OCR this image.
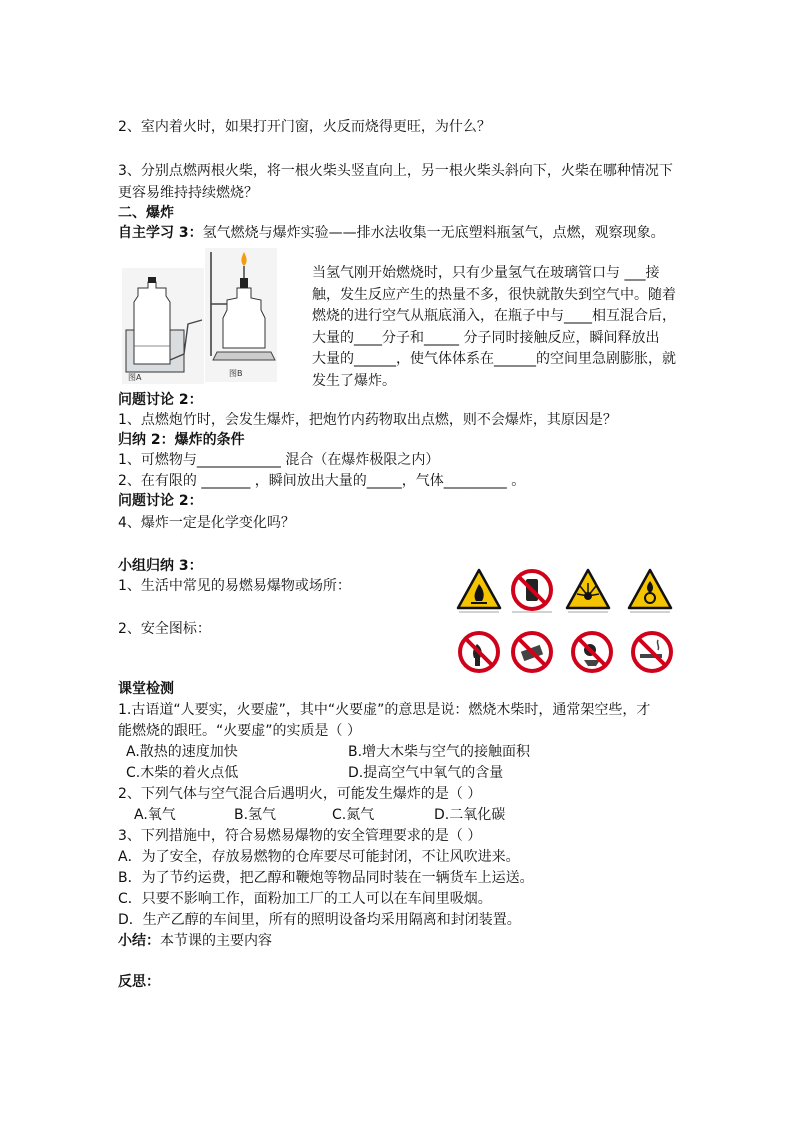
2、室内着火时，如果打开门窗，火反而烧得更旺，为什么？
3、分别点燃两根火柴，将一根火柴头竖直向上，另一根火柴头斜向下，火柴在哪种情况下
更容易维持持续燃烧？
二、爆炸
自主学习 3：氢气燃烧与爆炸实验——排水法收集一无底塑料瓶氢气，点燃，观察现象。
图A	图B
当氢气刚开始燃烧时，只有少量氢气在玻璃管口与 ___接
触，发生反应产生的热量不多，很快就散失到空气中。随着
燃烧的进行空气从瓶底涌入，在瓶子中与____相互混合后，
大量的____分子和_____ 分子同时接触反应，瞬间释放出
大量的______，使气体体系在______的空间里急剧膨胀，就
发生了爆炸。
问题讨论 2：
1、点燃炮竹时，会发生爆炸，把炮竹内药物取出点燃，则不会爆炸，其原因是？
归纳 2：爆炸的条件
1、可燃物与____________ 混合（在爆炸极限之内）
2、在有限的 _______ ，瞬间放出大量的_____，气体_________ 。
问题讨论 2：
4、爆炸一定是化学变化吗？
小组归纳 3：
1、生活中常见的易燃易爆物或场所：
2、安全图标：
课堂检测
1.古语道“人要实，火要虚”，其中“火要虚”的意思是说：燃烧木柴时，通常架空些，才
能燃烧的跟旺。“火要虚”的实质是（ ）
A.散热的速度加快	B.增大木柴与空气的接触面积
C.木柴的着火点低	D.提高空气中氧气的含量
2、下列气体与空气混合后遇明火，可能发生爆炸的是（ ）
A.氧气	B.氢气	C.氮气	D.二氧化碳
3、下列措施中，符合易燃易爆物的安全管理要求的是（ ）
A．为了安全，存放易燃物的仓库要尽可能封闭，不让风吹进来。
B．为了节约运费，把乙醇和鞭炮等物品同时装在一辆货车上运送。
C．只要不影响工作，面粉加工厂的工人可以在车间里吸烟。
D．生产乙醇的车间里，所有的照明设备均采用隔离和封闭装置。
小结：本节课的主要内容
反思：
